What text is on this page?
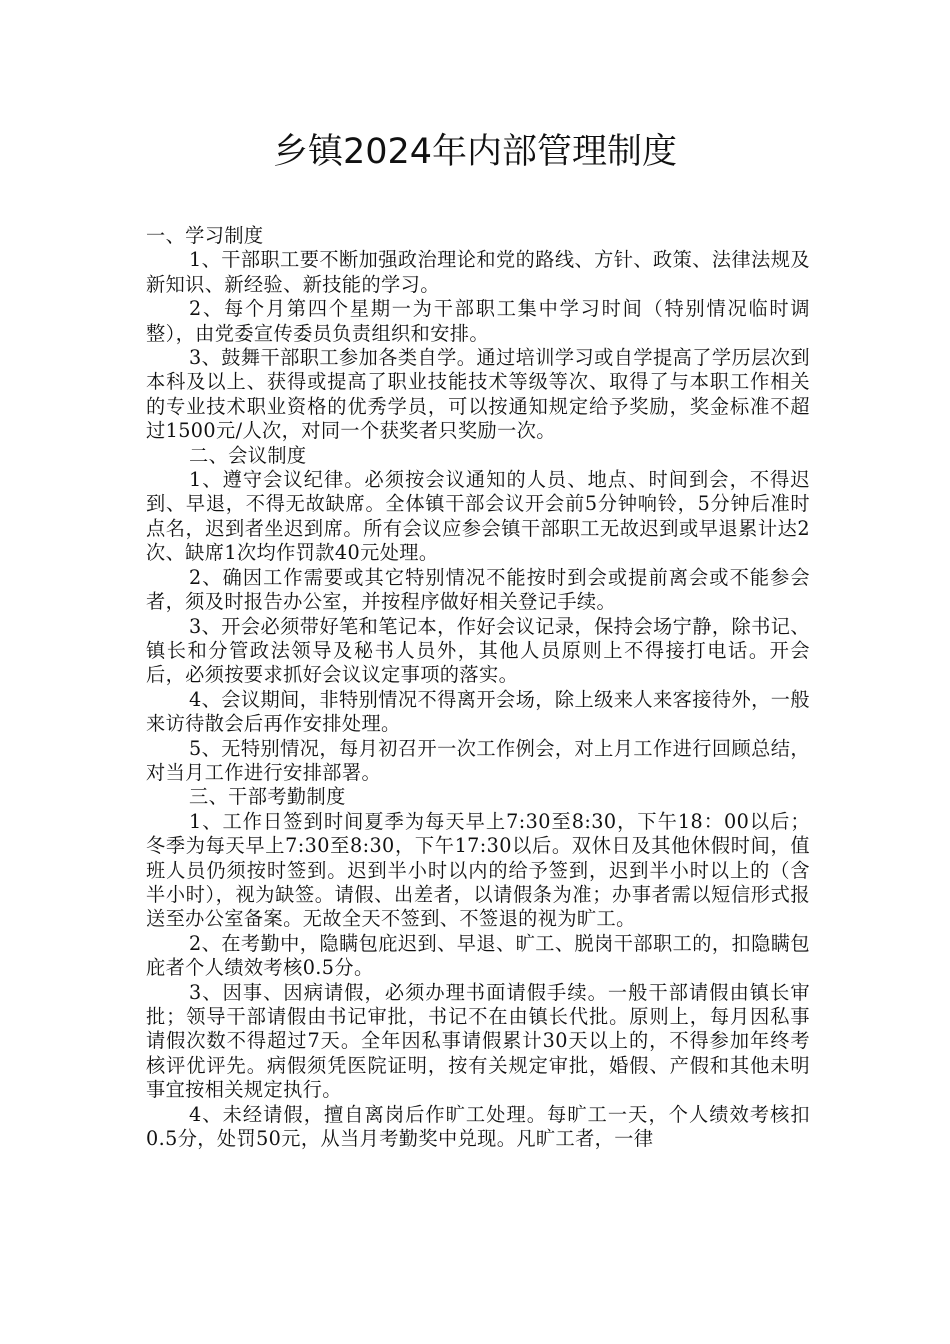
乡镇2024年内部管理制度

一、学习制度

1、干部职工要不断加强政治理论和党的路线、方针、政策、法律法规及新知识、新经验、新技能的学习。

2、每个月第四个星期一为干部职工集中学习时间（特别情况临时调整），由党委宣传委员负责组织和安排。

3、鼓舞干部职工参加各类自学。通过培训学习或自学提高了学历层次到本科及以上、获得或提高了职业技能技术等级等次、取得了与本职工作相关的专业技术职业资格的优秀学员，可以按通知规定给予奖励，奖金标准不超过1500元/人次，对同一个获奖者只奖励一次。

二、会议制度

1、遵守会议纪律。必须按会议通知的人员、地点、时间到会，不得迟到、早退，不得无故缺席。全体镇干部会议开会前5分钟响铃，5分钟后准时点名，迟到者坐迟到席。所有会议应参会镇干部职工无故迟到或早退累计达2次、缺席1次均作罚款40元处理。

2、确因工作需要或其它特别情况不能按时到会或提前离会或不能参会者，须及时报告办公室，并按程序做好相关登记手续。

3、开会必须带好笔和笔记本，作好会议记录，保持会场宁静，除书记、镇长和分管政法领导及秘书人员外，其他人员原则上不得接打电话。开会后，必须按要求抓好会议议定事项的落实。

4、会议期间，非特别情况不得离开会场，除上级来人来客接待外，一般来访待散会后再作安排处理。

5、无特别情况，每月初召开一次工作例会，对上月工作进行回顾总结，对当月工作进行安排部署。

三、干部考勤制度

1、工作日签到时间夏季为每天早上7:30至8:30，下午18：00以后；冬季为每天早上7:30至8:30，下午17:30以后。双休日及其他休假时间，值班人员仍须按时签到。迟到半小时以内的给予签到，迟到半小时以上的（含半小时），视为缺签。请假、出差者，以请假条为准；办事者需以短信形式报送至办公室备案。无故全天不签到、不签退的视为旷工。

2、在考勤中，隐瞒包庇迟到、早退、旷工、脱岗干部职工的，扣隐瞒包庇者个人绩效考核0.5分。

3、因事、因病请假，必须办理书面请假手续。一般干部请假由镇长审批；领导干部请假由书记审批，书记不在由镇长代批。原则上，每月因私事请假次数不得超过7天。全年因私事请假累计30天以上的，不得参加年终考核评优评先。病假须凭医院证明，按有关规定审批，婚假、产假和其他未明事宜按相关规定执行。

4、未经请假，擅自离岗后作旷工处理。每旷工一天，个人绩效考核扣0.5分，处罚50元，从当月考勤奖中兑现。凡旷工者，一律
